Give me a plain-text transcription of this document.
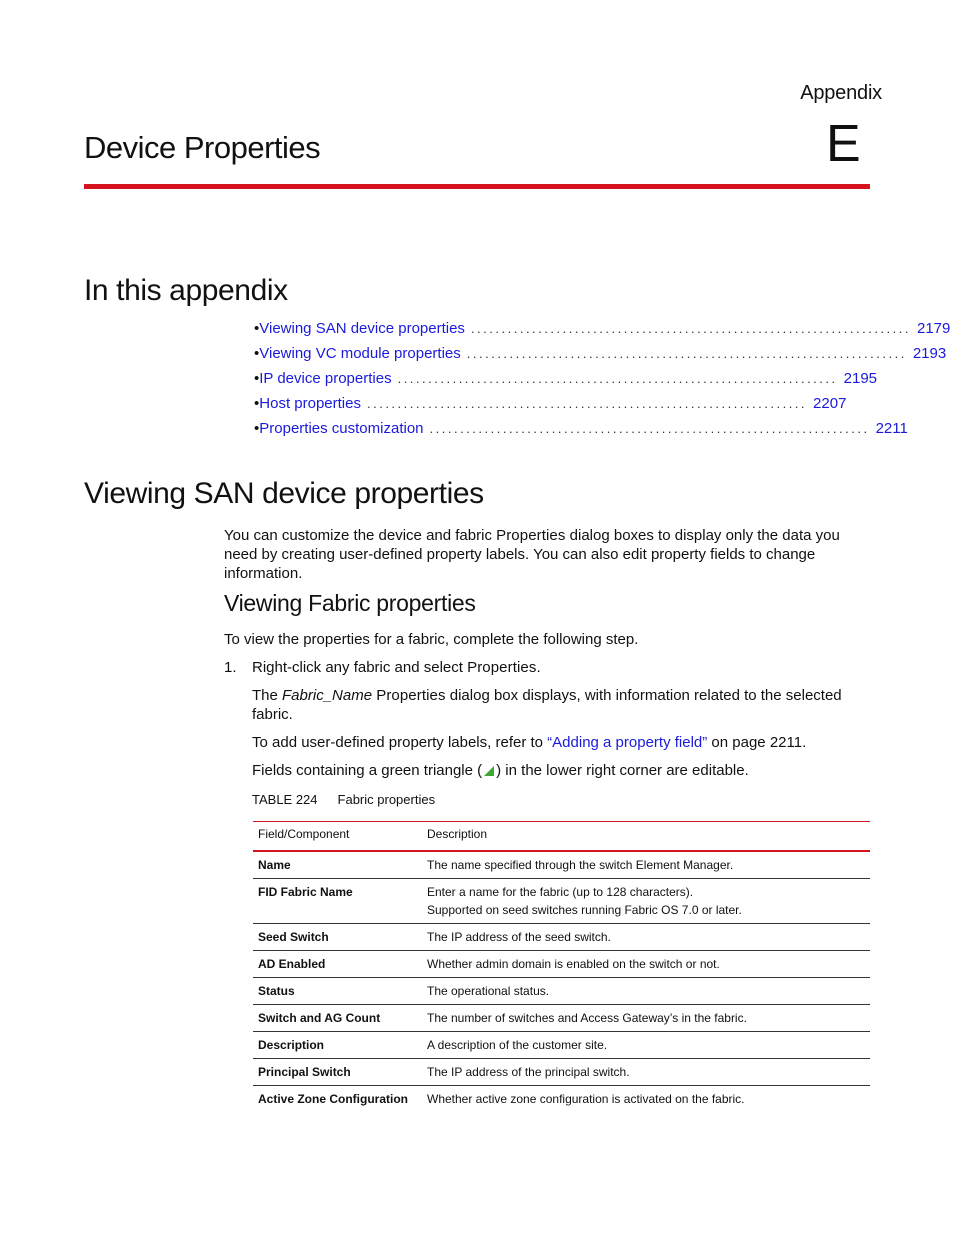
Appendix
E
Device Properties
In this appendix
• Viewing SAN device properties ........................................................................ 2179
• Viewing VC module properties ........................................................................ 2193
• IP device properties ........................................................................ 2195
• Host properties ........................................................................ 2207
• Properties customization ........................................................................ 2211
Viewing SAN device properties
You can customize the device and fabric Properties dialog boxes to display only the data you need by creating user-defined property labels. You can also edit property fields to change information.
Viewing Fabric properties
To view the properties for a fabric, complete the following step.
1. Right-click any fabric and select Properties.
The Fabric_Name Properties dialog box displays, with information related to the selected fabric.
To add user-defined property labels, refer to “Adding a property field” on page 2211.
Fields containing a green triangle ( ) in the lower right corner are editable.
TABLE 224 Fabric properties
Field/Component	Description
Name	The name specified through the switch Element Manager.
FID Fabric Name	Enter a name for the fabric (up to 128 characters).
Supported on seed switches running Fabric OS 7.0 or later.

Seed Switch	The IP address of the seed switch.
AD Enabled	Whether admin domain is enabled on the switch or not.
Status	The operational status.
Switch and AG Count	The number of switches and Access Gateway’s in the fabric.
Description	A description of the customer site.
Principal Switch	The IP address of the principal switch.
Active Zone Configuration	Whether active zone configuration is activated on the fabric.
